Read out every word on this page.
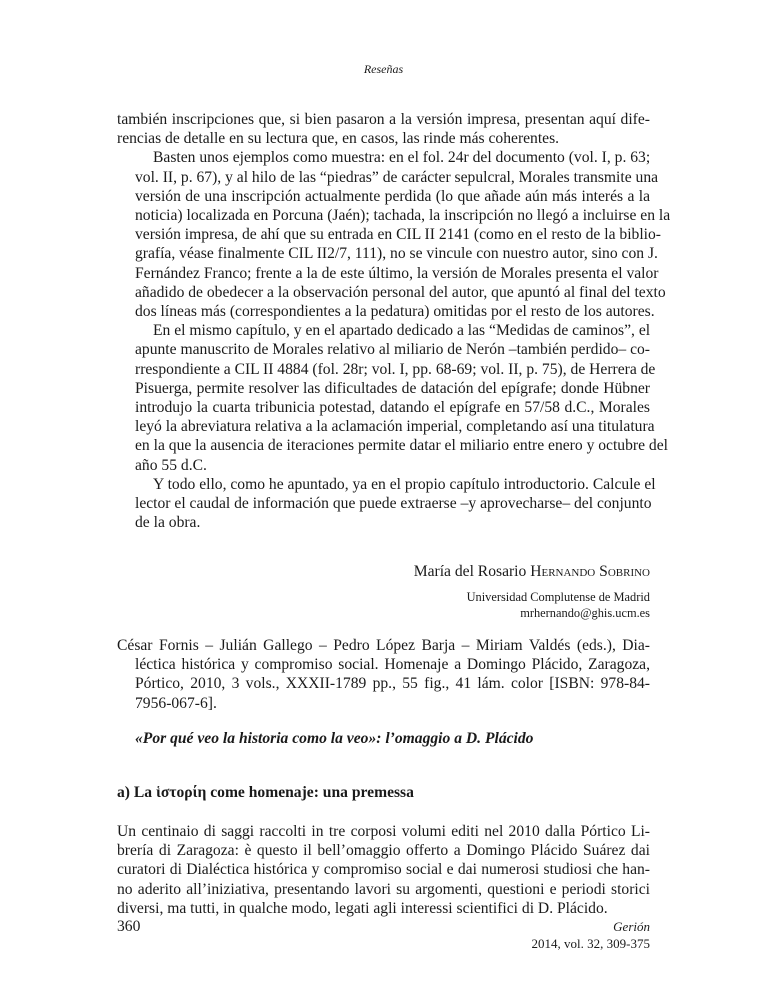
Reseñas

también inscripciones que, si bien pasaron a la versión impresa, presentan aquí dife-
rencias de detalle en su lectura que, en casos, las rinde más coherentes.

Basten unos ejemplos como muestra: en el fol. 24r del documento (vol. I, p. 63;
vol. II, p. 67), y al hilo de las “piedras” de carácter sepulcral, Morales transmite una
versión de una inscripción actualmente perdida (lo que añade aún más interés a la
noticia) localizada en Porcuna (Jaén); tachada, la inscripción no llegó a incluirse en la
versión impresa, de ahí que su entrada en CIL II 2141 (como en el resto de la biblio-
grafía, véase finalmente CIL II2/7, 111), no se vincule con nuestro autor, sino con J.
Fernández Franco; frente a la de este último, la versión de Morales presenta el valor
añadido de obedecer a la observación personal del autor, que apuntó al final del texto
dos líneas más (correspondientes a la pedatura) omitidas por el resto de los autores.

En el mismo capítulo, y en el apartado dedicado a las “Medidas de caminos”, el
apunte manuscrito de Morales relativo al miliario de Nerón –también perdido– co-
rrespondiente a CIL II 4884 (fol. 28r; vol. I, pp. 68-69; vol. II, p. 75), de Herrera de
Pisuerga, permite resolver las dificultades de datación del epígrafe; donde Hübner
introdujo la cuarta tribunicia potestad, datando el epígrafe en 57/58 d.C., Morales
leyó la abreviatura relativa a la aclamación imperial, completando así una titulatura
en la que la ausencia de iteraciones permite datar el miliario entre enero y octubre del
año 55 d.C.

Y todo ello, como he apuntado, ya en el propio capítulo introductorio. Calcule el
lector el caudal de información que puede extraerse –y aprovecharse– del conjunto
de la obra.

María del Rosario Hernando Sobrino
Universidad Complutense de Madrid
mrhernando@ghis.ucm.es
César Fornis – Julián Gallego – Pedro López Barja – Miriam Valdés (eds.), Dia-
léctica histórica y compromiso social. Homenaje a Domingo Plácido, Zaragoza,
Pórtico, 2010, 3 vols., XXXII-1789 pp., 55 fig., 41 lám. color [ISBN: 978-84-
7956-067-6].
«Por qué veo la historia como la veo»: l’omaggio a D. Plácido
a) La ἱστορίη come homenaje: una premessa
Un centinaio di saggi raccolti in tre corposi volumi editi nel 2010 dalla Pórtico Li-
brería di Zaragoza: è questo il bell’omaggio offerto a Domingo Plácido Suárez dai
curatori di Dialéctica histórica y compromiso social e dai numerosi studiosi che han-
no aderito all’iniziativa, presentando lavori su argomenti, questioni e periodi storici
diversi, ma tutti, in qualche modo, legati agli interessi scientifici di D. Plácido.
360	Gerión
2014, vol. 32, 309-375
